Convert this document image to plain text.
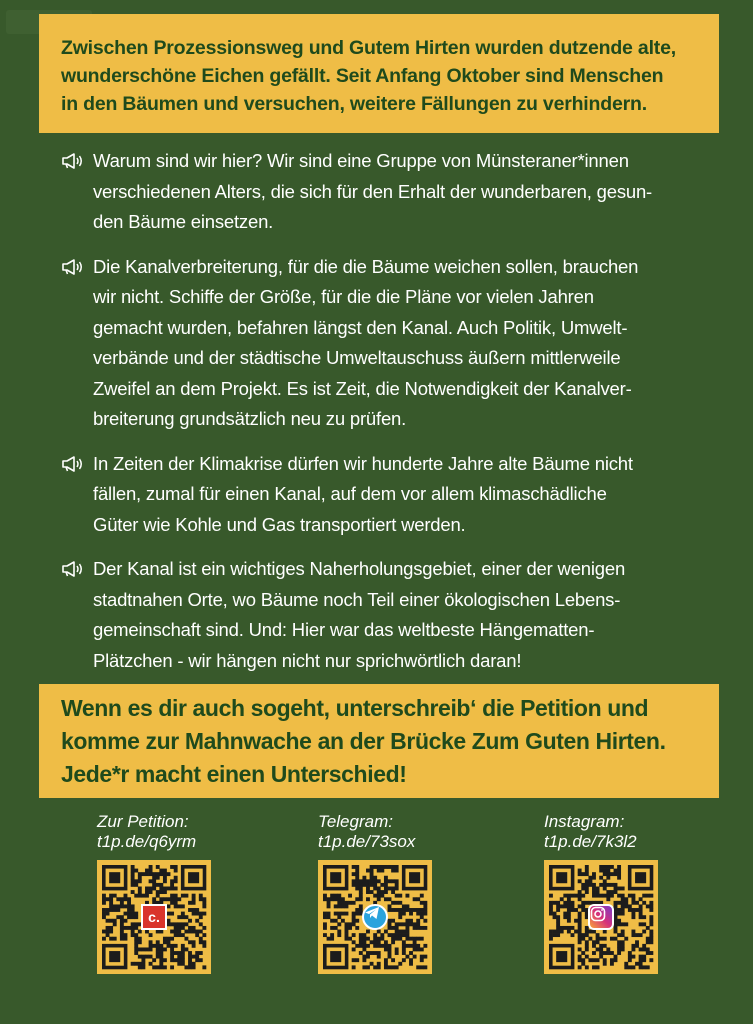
Zwischen Prozessionsweg und Gutem Hirten wurden dutzende alte,

wunderschöne Eichen gefällt. Seit Anfang Oktober sind Menschen

in den Bäumen und versuchen, weitere Fällungen zu verhindern.

Warum sind wir hier? Wir sind eine Gruppe von Münsteraner*innen

verschiedenen Alters, die sich für den Erhalt der wunderbaren, gesun-

den Bäume einsetzen.

Die Kanalverbreiterung, für die die Bäume weichen sollen, brauchen

wir nicht. Schiffe der Größe, für die die Pläne vor vielen Jahren

gemacht wurden, befahren längst den Kanal. Auch Politik, Umwelt-

verbände und der städtische Umweltauschuss äußern mittlerweile

Zweifel an dem Projekt. Es ist Zeit, die Notwendigkeit der Kanalver-

breiterung grundsätzlich neu zu prüfen.

In Zeiten der Klimakrise dürfen wir hunderte Jahre alte Bäume nicht

fällen, zumal für einen Kanal, auf dem vor allem klimaschädliche

Güter wie Kohle und Gas transportiert werden.

Der Kanal ist ein wichtiges Naherholungsgebiet, einer der wenigen

stadtnahen Orte, wo Bäume noch Teil einer ökologischen Lebens-

gemeinschaft sind. Und: Hier war das weltbeste Hängematten-

Plätzchen - wir hängen nicht nur sprichwörtlich daran!

Wenn es dir auch sogeht, unterschreib‘ die Petition und

komme zur Mahnwache an der Brücke Zum Guten Hirten.

Jede*r macht einen Unterschied!

Zur Petition:
t1p.de/q6yrm
c.
Telegram:
t1p.de/73sox
Instagram:
t1p.de/7k3l2
